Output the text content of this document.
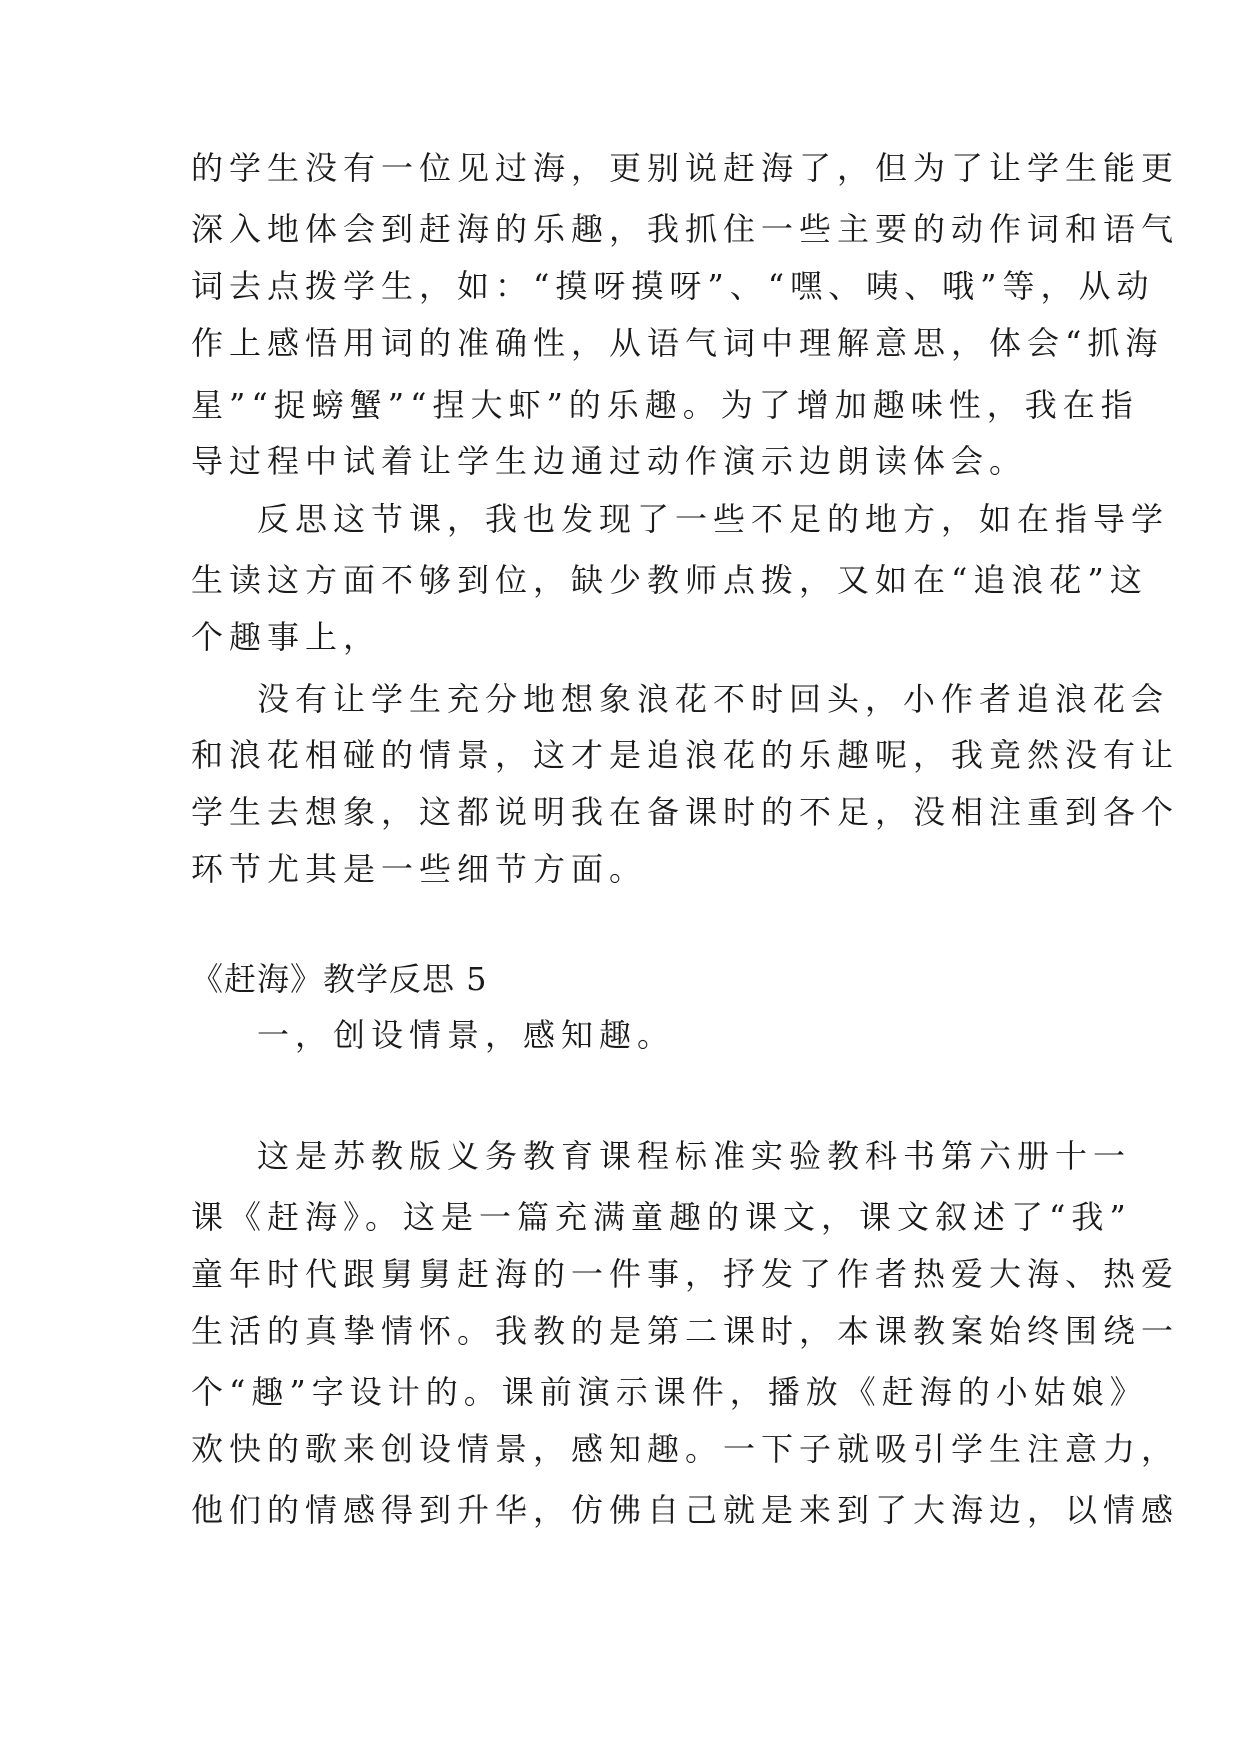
的学生没有一位见过海，更别说赶海了，但为了让学生能更
深入地体会到赶海的乐趣，我抓住一些主要的动作词和语气
词去点拨学生，如：“摸呀摸呀”、“嘿、咦、哦”等，从动
作上感悟用词的准确性，从语气词中理解意思，体会“抓海
星”“捉螃蟹”“捏大虾”的乐趣。为了增加趣味性，我在指
导过程中试着让学生边通过动作演示边朗读体会。
反思这节课，我也发现了一些不足的地方，如在指导学
生读这方面不够到位，缺少教师点拨，又如在“追浪花”这
个趣事上，
没有让学生充分地想象浪花不时回头，小作者追浪花会
和浪花相碰的情景，这才是追浪花的乐趣呢，我竟然没有让
学生去想象，这都说明我在备课时的不足，没相注重到各个
环节尤其是一些细节方面。
《赶海》教学反思 5
一，创设情景，感知趣。
这是苏教版义务教育课程标准实验教科书第六册十一
课《赶海》。这是一篇充满童趣的课文，课文叙述了“我”
童年时代跟舅舅赶海的一件事，抒发了作者热爱大海、热爱
生活的真挚情怀。我教的是第二课时，本课教案始终围绕一
个“趣”字设计的。课前演示课件，播放《赶海的小姑娘》
欢快的歌来创设情景，感知趣。一下子就吸引学生注意力，
他们的情感得到升华，仿佛自己就是来到了大海边，以情感
